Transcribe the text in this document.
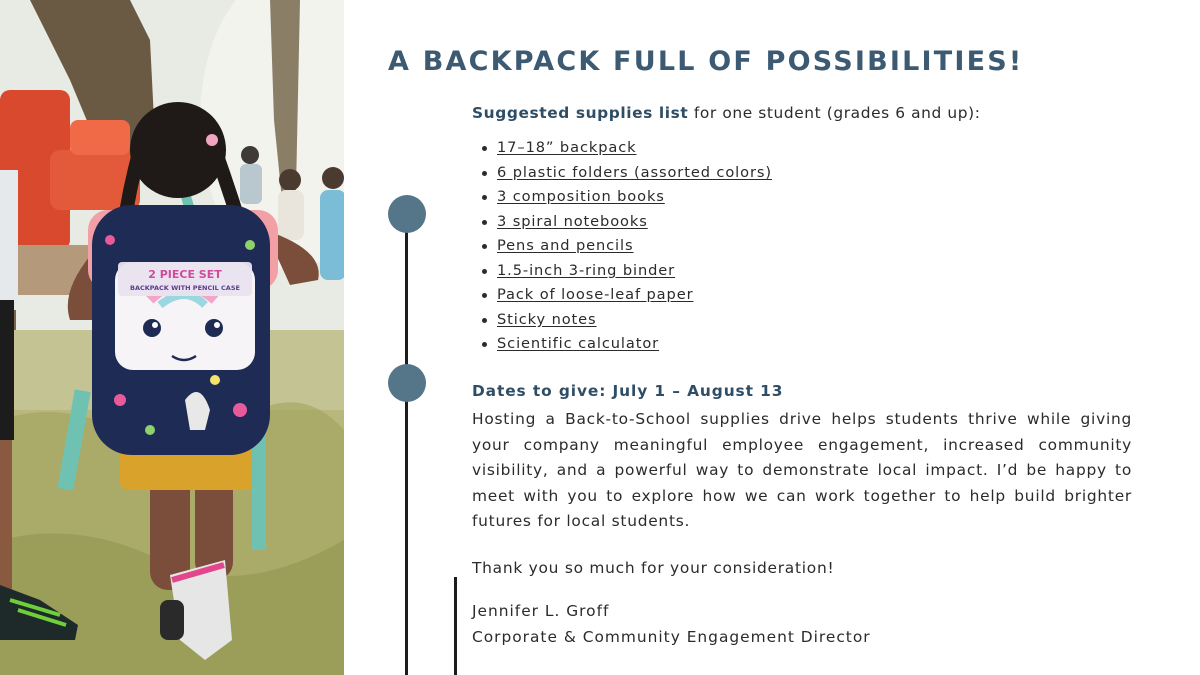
2 PIECE SET
BACKPACK WITH PENCIL CASE
A BACKPACK FULL OF POSSIBILITIES!
Suggested supplies list for one student (grades 6 and up):
17–18” backpack
6 plastic folders (assorted colors)
3 composition books
3 spiral notebooks
Pens and pencils
1.5-inch 3-ring binder
Pack of loose-leaf paper
Sticky notes
Scientific calculator
Dates to give: July 1 – August 13

Hosting a Back-to-School supplies drive helps students thrive while giving your company meaningful employee engagement, increased community visibility, and a powerful way to demonstrate local impact. I’d be happy to meet with you to explore how we can work together to help build brighter futures for local students.

Thank you so much for your consideration!
Jennifer L. Groff
Corporate & Community Engagement Director
